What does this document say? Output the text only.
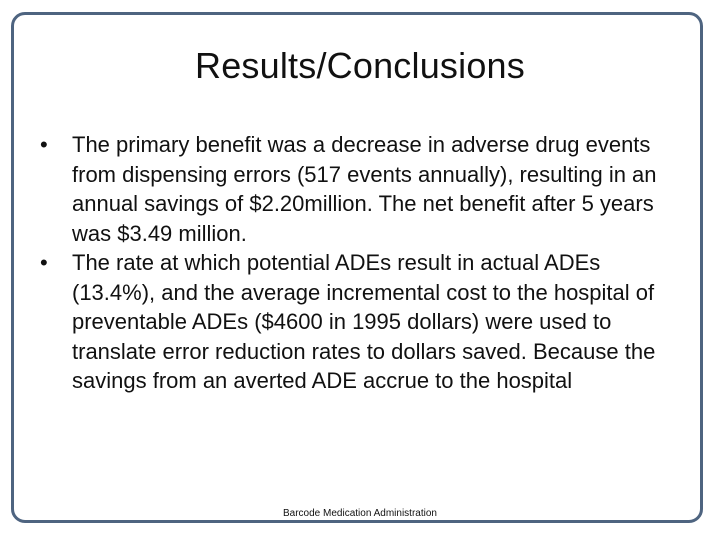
Results/Conclusions
• The primary benefit was a decrease in adverse drug events from dispensing errors (517 events annually), resulting in an annual savings of $2.20million. The net benefit after 5 years was $3.49 million.
• The rate at which potential ADEs result in actual ADEs (13.4%), and the average incremental cost to the hospital of preventable ADEs ($4600 in 1995 dollars) were used to translate error reduction rates to dollars saved. Because the savings from an averted ADE accrue to the hospital
Barcode Medication Administration
